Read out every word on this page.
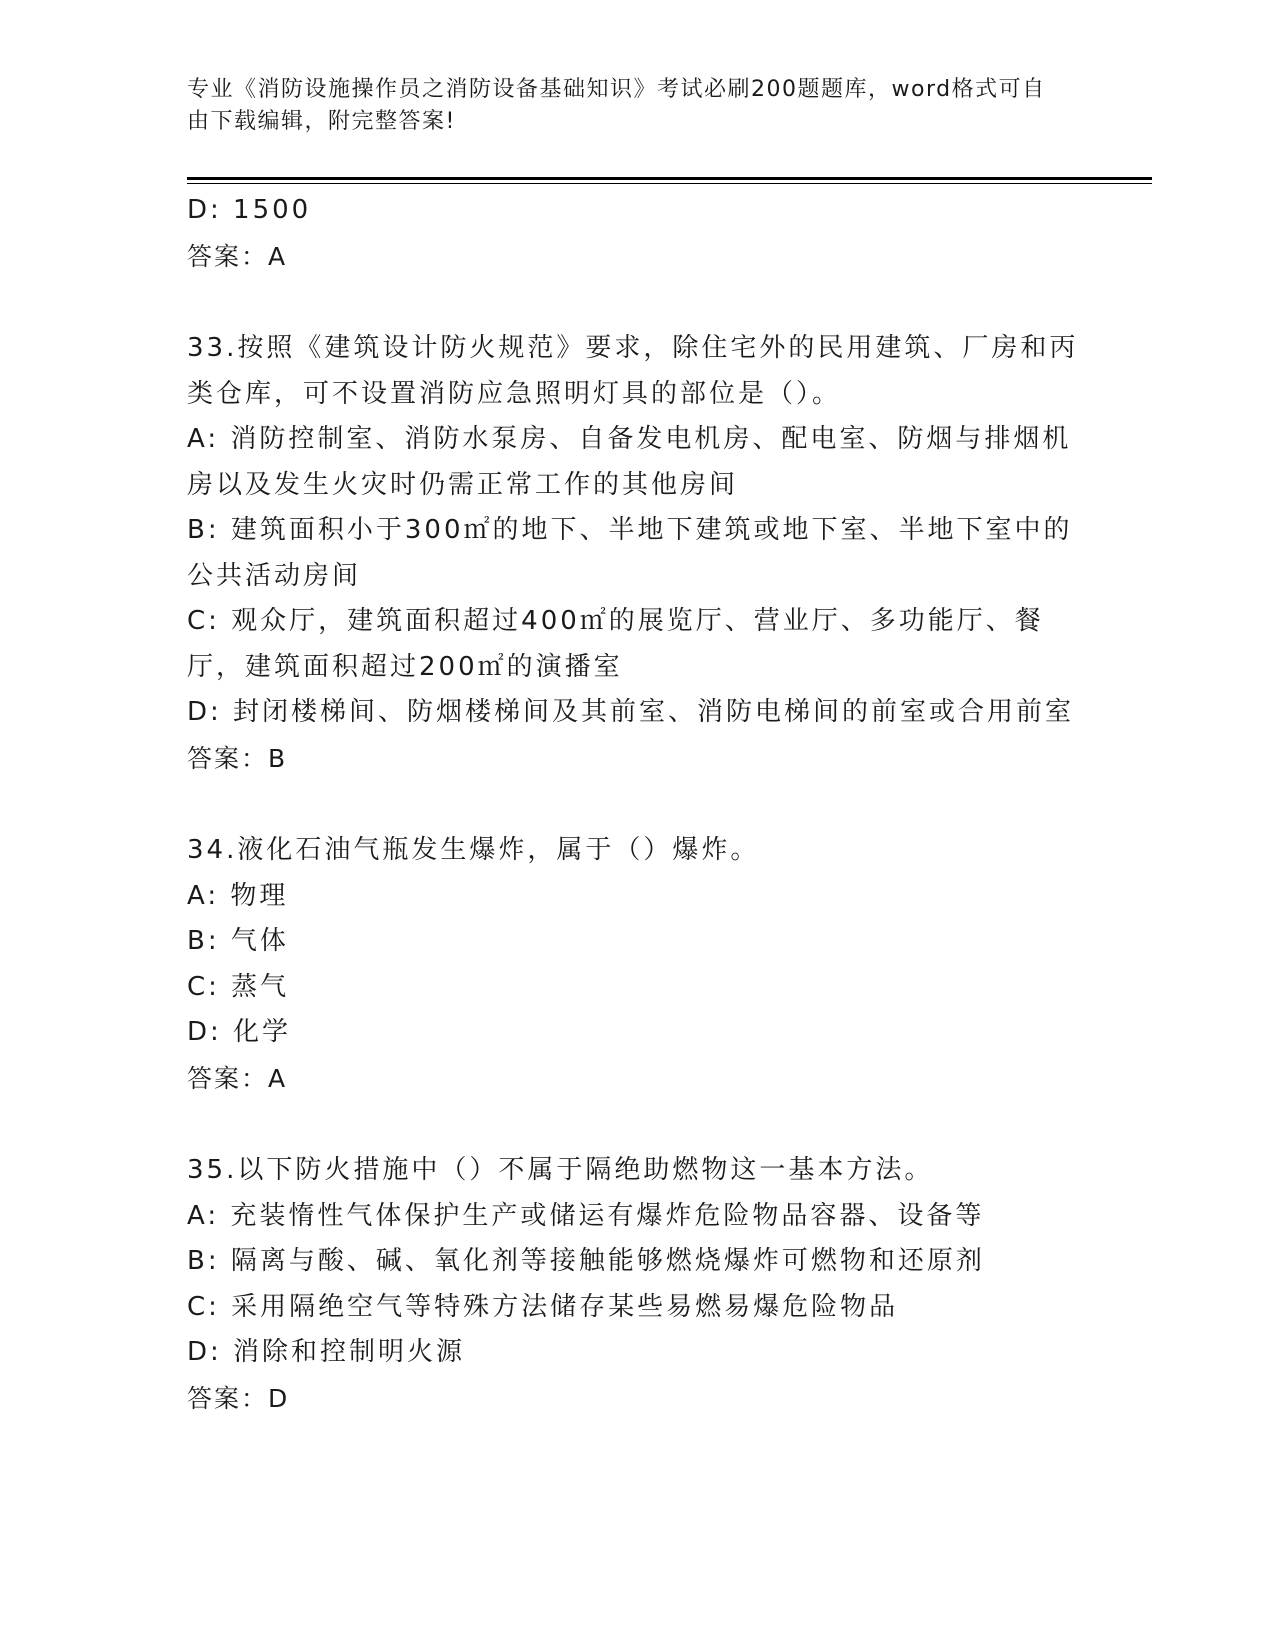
专业《消防设施操作员之消防设备基础知识》考试必刷200题题库，word格式可自由下载编辑，附完整答案!
D: 1500
答案：A
33.按照《建筑设计防火规范》要求，除住宅外的民用建筑、厂房和丙类仓库，可不设置消防应急照明灯具的部位是（）。
A: 消防控制室、消防水泵房、自备发电机房、配电室、防烟与排烟机房以及发生火灾时仍需正常工作的其他房间
B: 建筑面积小于300㎡的地下、半地下建筑或地下室、半地下室中的公共活动房间
C: 观众厅，建筑面积超过400㎡的展览厅、营业厅、多功能厅、餐厅，建筑面积超过200㎡的演播室
D: 封闭楼梯间、防烟楼梯间及其前室、消防电梯间的前室或合用前室
答案：B
34.液化石油气瓶发生爆炸，属于（）爆炸。
A: 物理
B: 气体
C: 蒸气
D: 化学
答案：A
35.以下防火措施中（）不属于隔绝助燃物这一基本方法。
A: 充装惰性气体保护生产或储运有爆炸危险物品容器、设备等
B: 隔离与酸、碱、氧化剂等接触能够燃烧爆炸可燃物和还原剂
C: 采用隔绝空气等特殊方法储存某些易燃易爆危险物品
D: 消除和控制明火源
答案：D
